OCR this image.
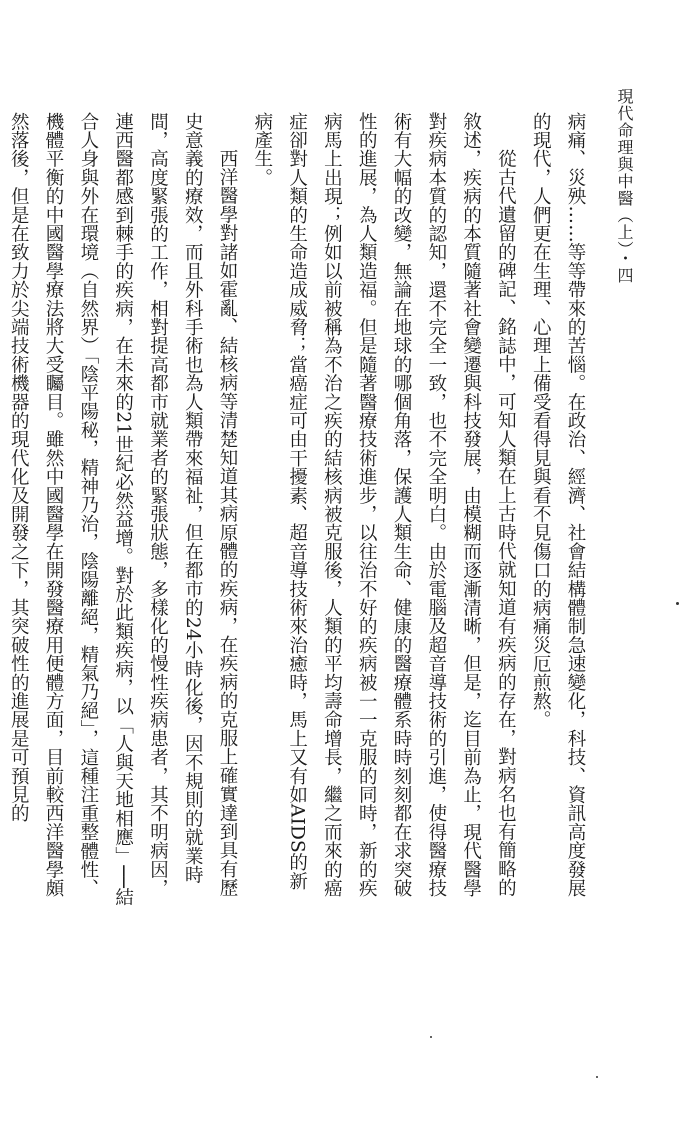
現代命理與中醫（上）・四
病痛、災殃……等等帶來的苦惱。在政治、經濟、社會結構體制急速變化，科技、資訊高度發展
的現代，人們更在生理、心理上備受看得見與看不見傷口的病痛災厄煎熬。
從古代遺留的碑記、銘誌中，可知人類在上古時代就知道有疾病的存在，對病名也有簡略的
敘述，疾病的本質隨著社會變遷與科技發展，由模糊而逐漸清晰，但是，迄目前為止，現代醫學
對疾病本質的認知，還不完全一致，也不完全明白。由於電腦及超音導技術的引進，使得醫療技
術有大幅的改變，無論在地球的哪個角落，保護人類生命、健康的醫療體系時時刻刻都在求突破
性的進展，為人類造福。但是隨著醫療技術進步，以往治不好的疾病被一一克服的同時，新的疾
病馬上出現；例如以前被稱為不治之疾的結核病被克服後，人類的平均壽命增長，繼之而來的癌
症卻對人類的生命造成威脅；當癌症可由干擾素、超音導技術來治癒時，馬上又有如AIDS的新
病產生。
西洋醫學對諸如霍亂、結核病等清楚知道其病原體的疾病，在疾病的克服上確實達到具有歷
史意義的療效，而且外科手術也為人類帶來福祉，但在都市的24小時化後，因不規則的就業時
間，高度緊張的工作，相對提高都市就業者的緊張狀態，多樣化的慢性疾病患者，其不明病因，
連西醫都感到棘手的疾病，在未來的21世紀必然益增。對於此類疾病，以「人與天地相應」──結
合人身與外在環境（自然界）「陰平陽秘，精神乃治，陰陽離絕，精氣乃絕」，這種注重整體性、
機體平衡的中國醫學療法將大受矚目。雖然中國醫學在開發醫療用便體方面，目前較西洋醫學頗
然落後，但是在致力於尖端技術機器的現代化及開發之下，其突破性的進展是可預見的
